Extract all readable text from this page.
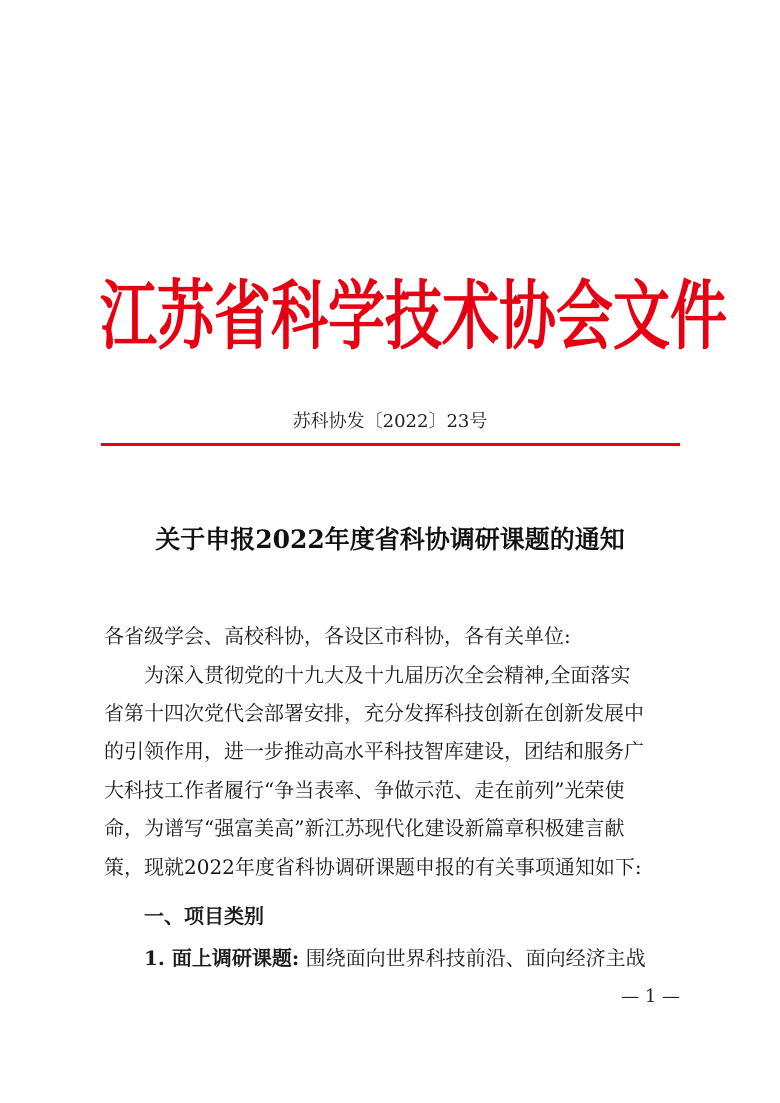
江苏省科学技术协会文件
苏科协发〔2022〕23号
关于申报2022年度省科协调研课题的通知
各省级学会、高校科协，各设区市科协，各有关单位:
为深入贯彻党的十九大及十九届历次全会精神,全面落实
省第十四次党代会部署安排，充分发挥科技创新在创新发展中
的引领作用，进一步推动高水平科技智库建设，团结和服务广
大科技工作者履行“争当表率、争做示范、走在前列”光荣使
命，为谱写“强富美高”新江苏现代化建设新篇章积极建言献
策，现就2022年度省科协调研课题申报的有关事项通知如下:
一、项目类别
1. 面上调研课题: 围绕面向世界科技前沿、面向经济主战
— 1 —
